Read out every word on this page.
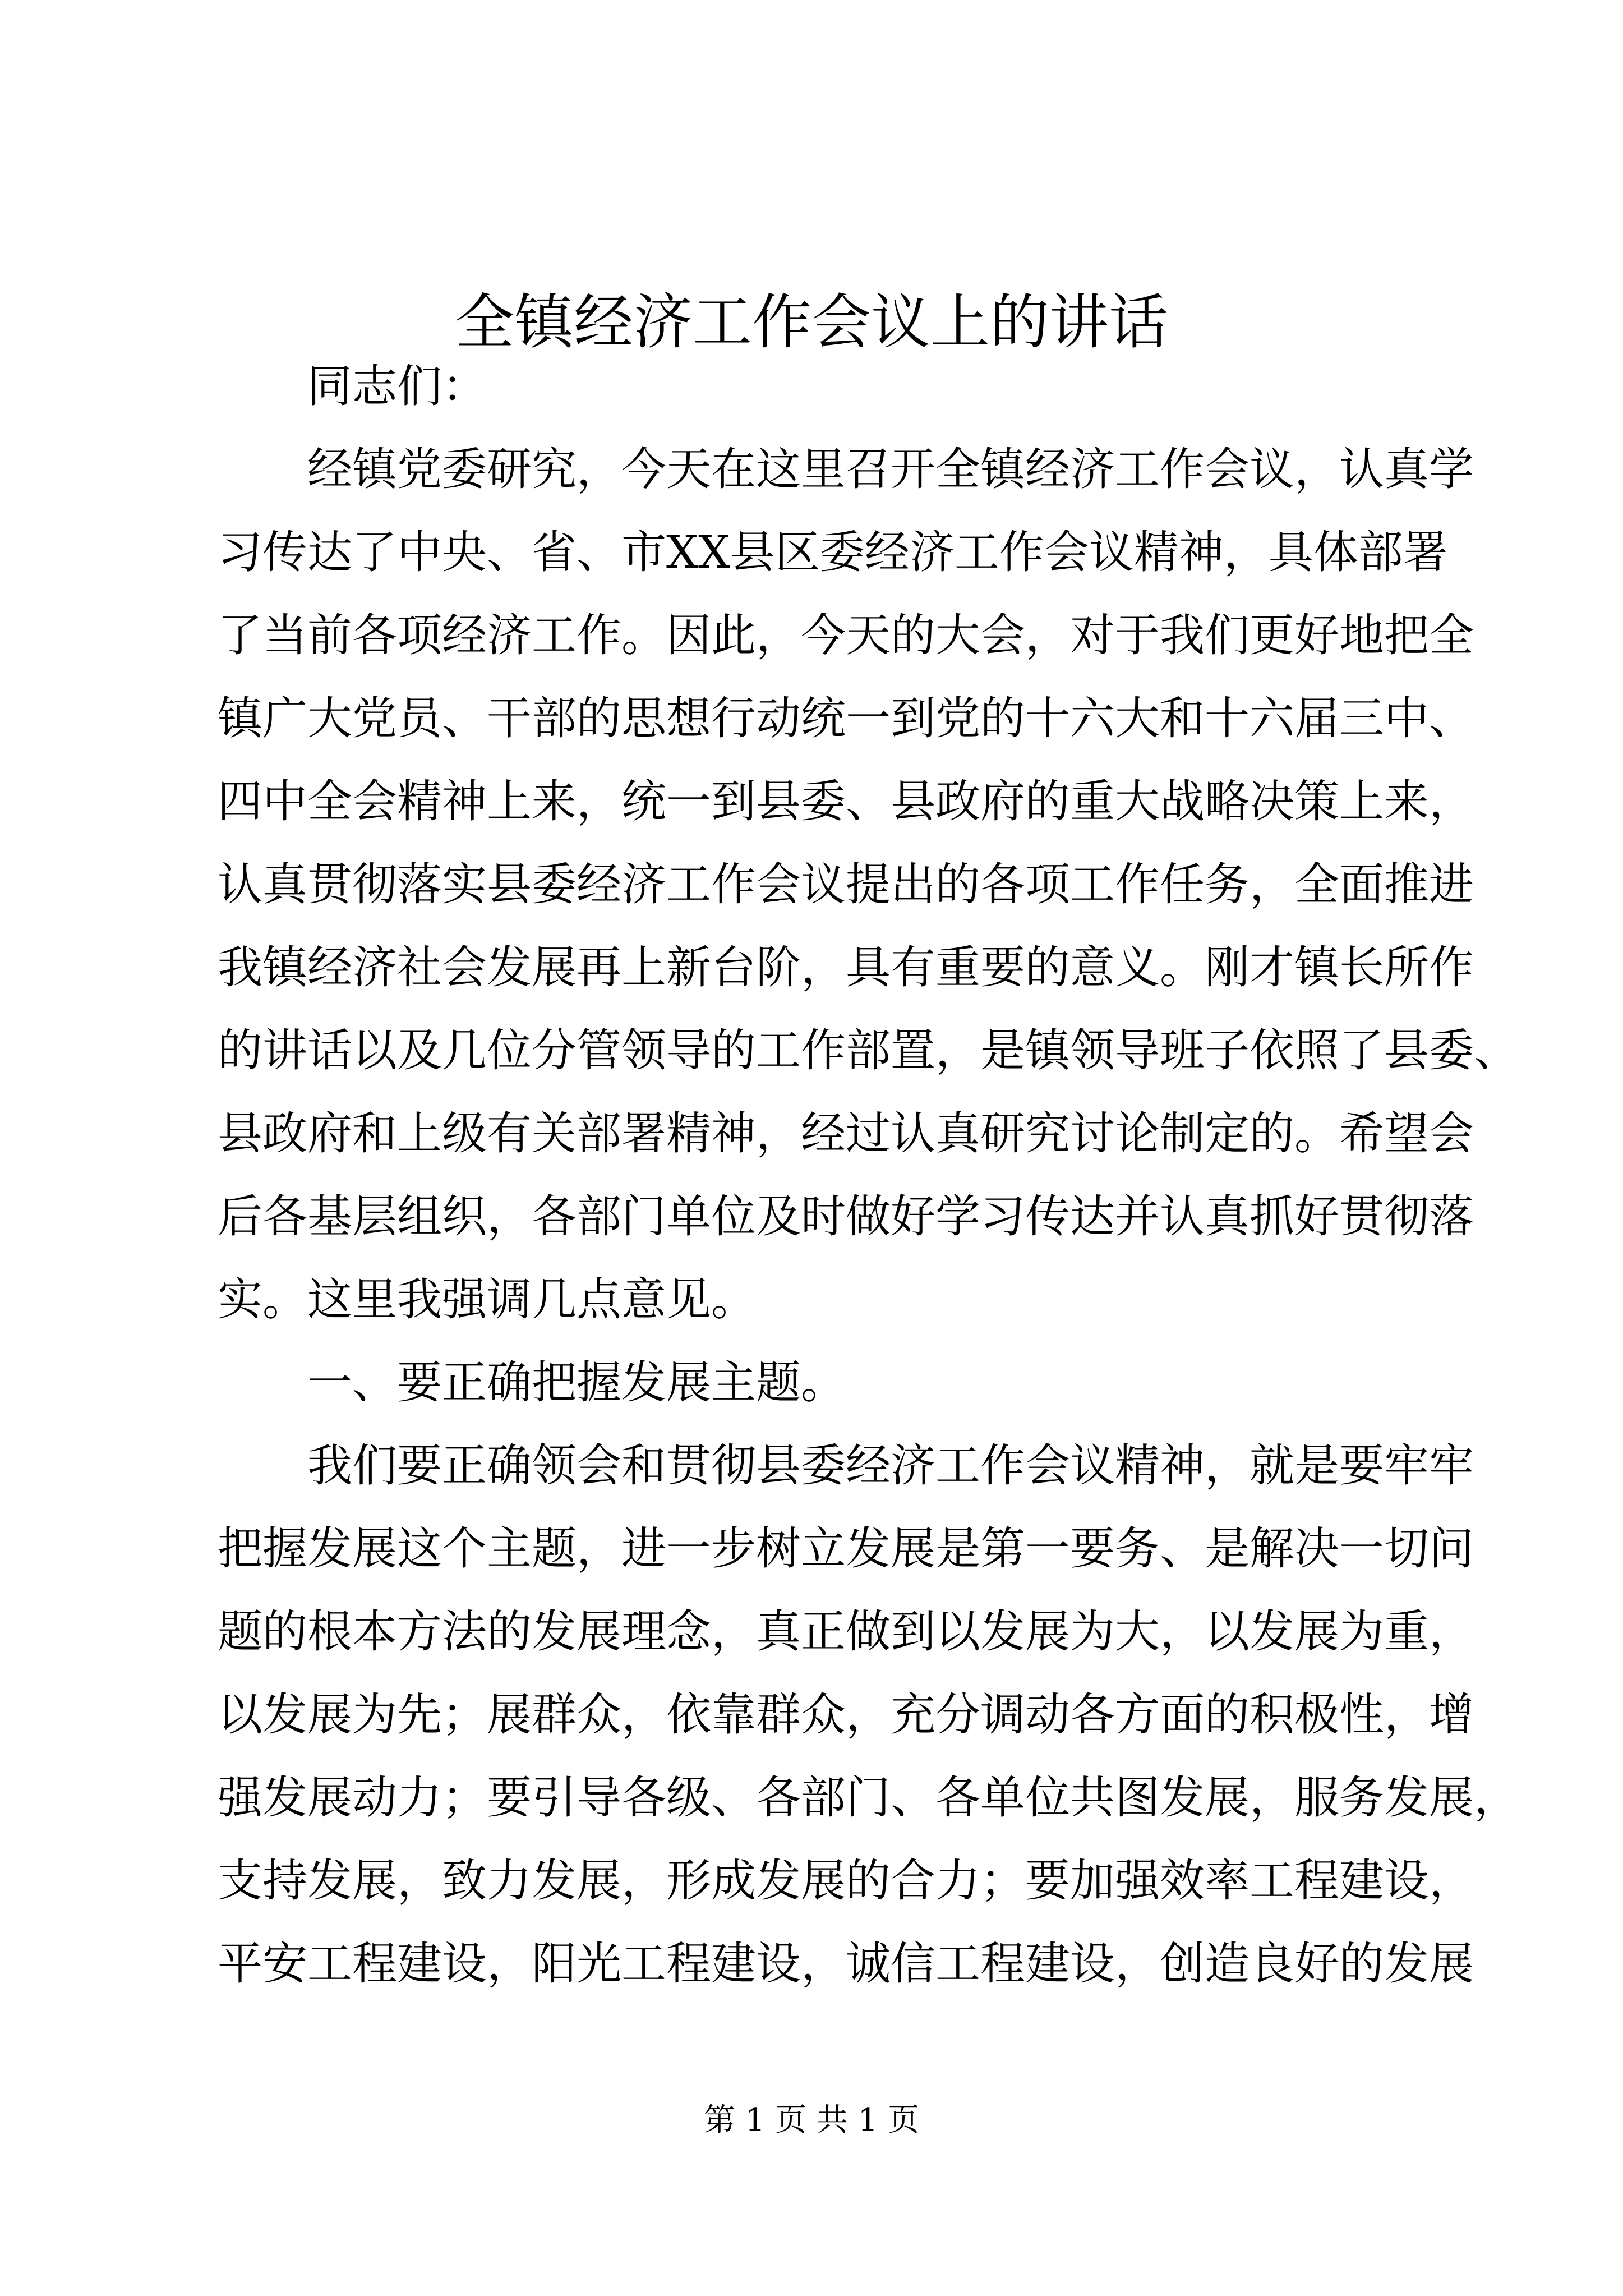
全镇经济工作会议上的讲话
同志们：
经镇党委研究，今天在这里召开全镇经济工作会议，认真学
习传达了中央、省、市XX县区委经济工作会议精神，具体部署
了当前各项经济工作。因此，今天的大会，对于我们更好地把全
镇广大党员、干部的思想行动统一到党的十六大和十六届三中、
四中全会精神上来，统一到县委、县政府的重大战略决策上来，
认真贯彻落实县委经济工作会议提出的各项工作任务，全面推进
我镇经济社会发展再上新台阶，具有重要的意义。刚才镇长所作
的讲话以及几位分管领导的工作部置，是镇领导班子依照了县委、
县政府和上级有关部署精神，经过认真研究讨论制定的。希望会
后各基层组织，各部门单位及时做好学习传达并认真抓好贯彻落
实。这里我强调几点意见。
一、要正确把握发展主题。
我们要正确领会和贯彻县委经济工作会议精神，就是要牢牢
把握发展这个主题，进一步树立发展是第一要务、是解决一切问
题的根本方法的发展理念，真正做到以发展为大，以发展为重，
以发展为先；展群众，依靠群众，充分调动各方面的积极性，增
强发展动力；要引导各级、各部门、各单位共图发展，服务发展，
支持发展，致力发展，形成发展的合力；要加强效率工程建设，
平安工程建设，阳光工程建设，诚信工程建设，创造良好的发展
第 1 页 共 1 页
